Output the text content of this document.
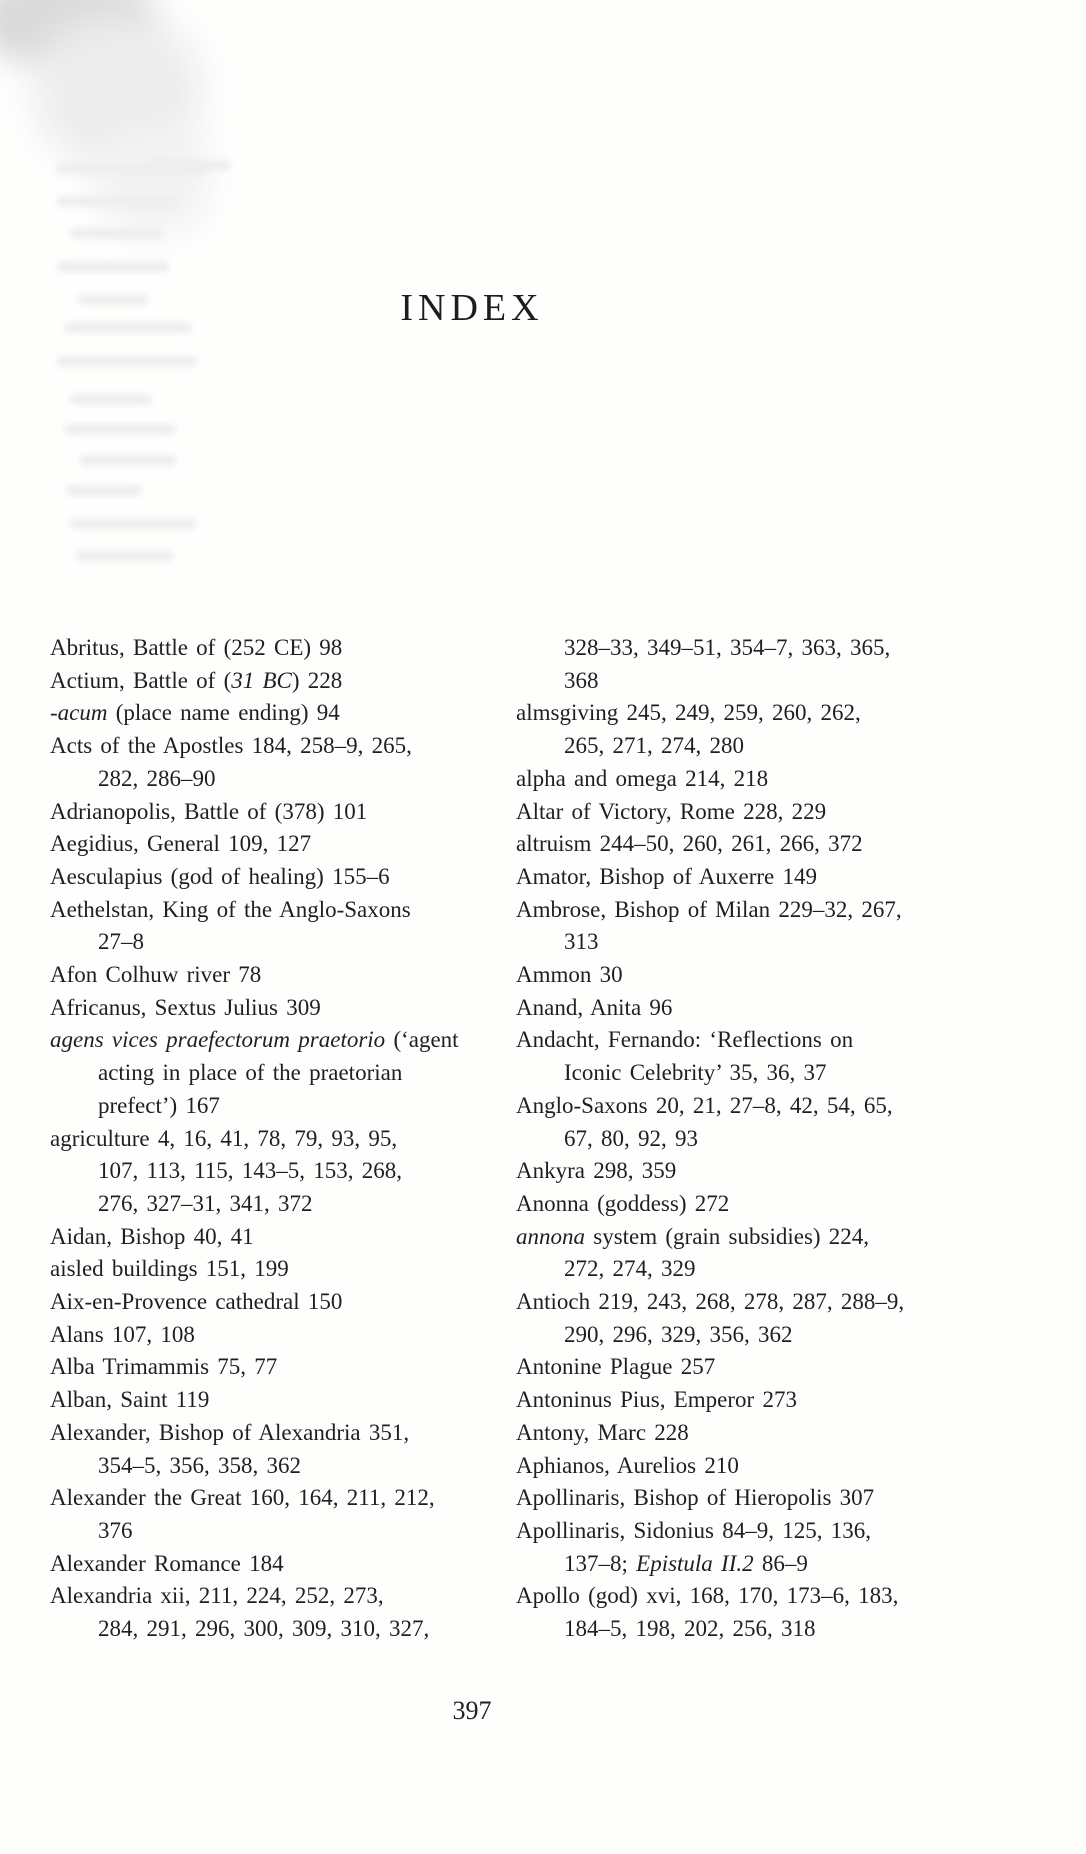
INDEX
Abritus, Battle of (252 CE) 98
Actium, Battle of (31 BC) 228
-acum (place name ending) 94
Acts of the Apostles 184, 258–9, 265,
282, 286–90
Adrianopolis, Battle of (378) 101
Aegidius, General 109, 127
Aesculapius (god of healing) 155–6
Aethelstan, King of the Anglo-Saxons
27–8
Afon Colhuw river 78
Africanus, Sextus Julius 309
agens vices praefectorum praetorio (‘agent
acting in place of the praetorian
prefect’) 167
agriculture 4, 16, 41, 78, 79, 93, 95,
107, 113, 115, 143–5, 153, 268,
276, 327–31, 341, 372
Aidan, Bishop 40, 41
aisled buildings 151, 199
Aix-en-Provence cathedral 150
Alans 107, 108
Alba Trimammis 75, 77
Alban, Saint 119
Alexander, Bishop of Alexandria 351,
354–5, 356, 358, 362
Alexander the Great 160, 164, 211, 212,
376
Alexander Romance 184
Alexandria xii, 211, 224, 252, 273,
284, 291, 296, 300, 309, 310, 327,
328–33, 349–51, 354–7, 363, 365,
368
almsgiving 245, 249, 259, 260, 262,
265, 271, 274, 280
alpha and omega 214, 218
Altar of Victory, Rome 228, 229
altruism 244–50, 260, 261, 266, 372
Amator, Bishop of Auxerre 149
Ambrose, Bishop of Milan 229–32, 267,
313
Ammon 30
Anand, Anita 96
Andacht, Fernando: ‘Reflections on
Iconic Celebrity’ 35, 36, 37
Anglo-Saxons 20, 21, 27–8, 42, 54, 65,
67, 80, 92, 93
Ankyra 298, 359
Anonna (goddess) 272
annona system (grain subsidies) 224,
272, 274, 329
Antioch 219, 243, 268, 278, 287, 288–9,
290, 296, 329, 356, 362
Antonine Plague 257
Antoninus Pius, Emperor 273
Antony, Marc 228
Aphianos, Aurelios 210
Apollinaris, Bishop of Hieropolis 307
Apollinaris, Sidonius 84–9, 125, 136,
137–8; Epistula II.2 86–9
Apollo (god) xvi, 168, 170, 173–6, 183,
184–5, 198, 202, 256, 318
397
